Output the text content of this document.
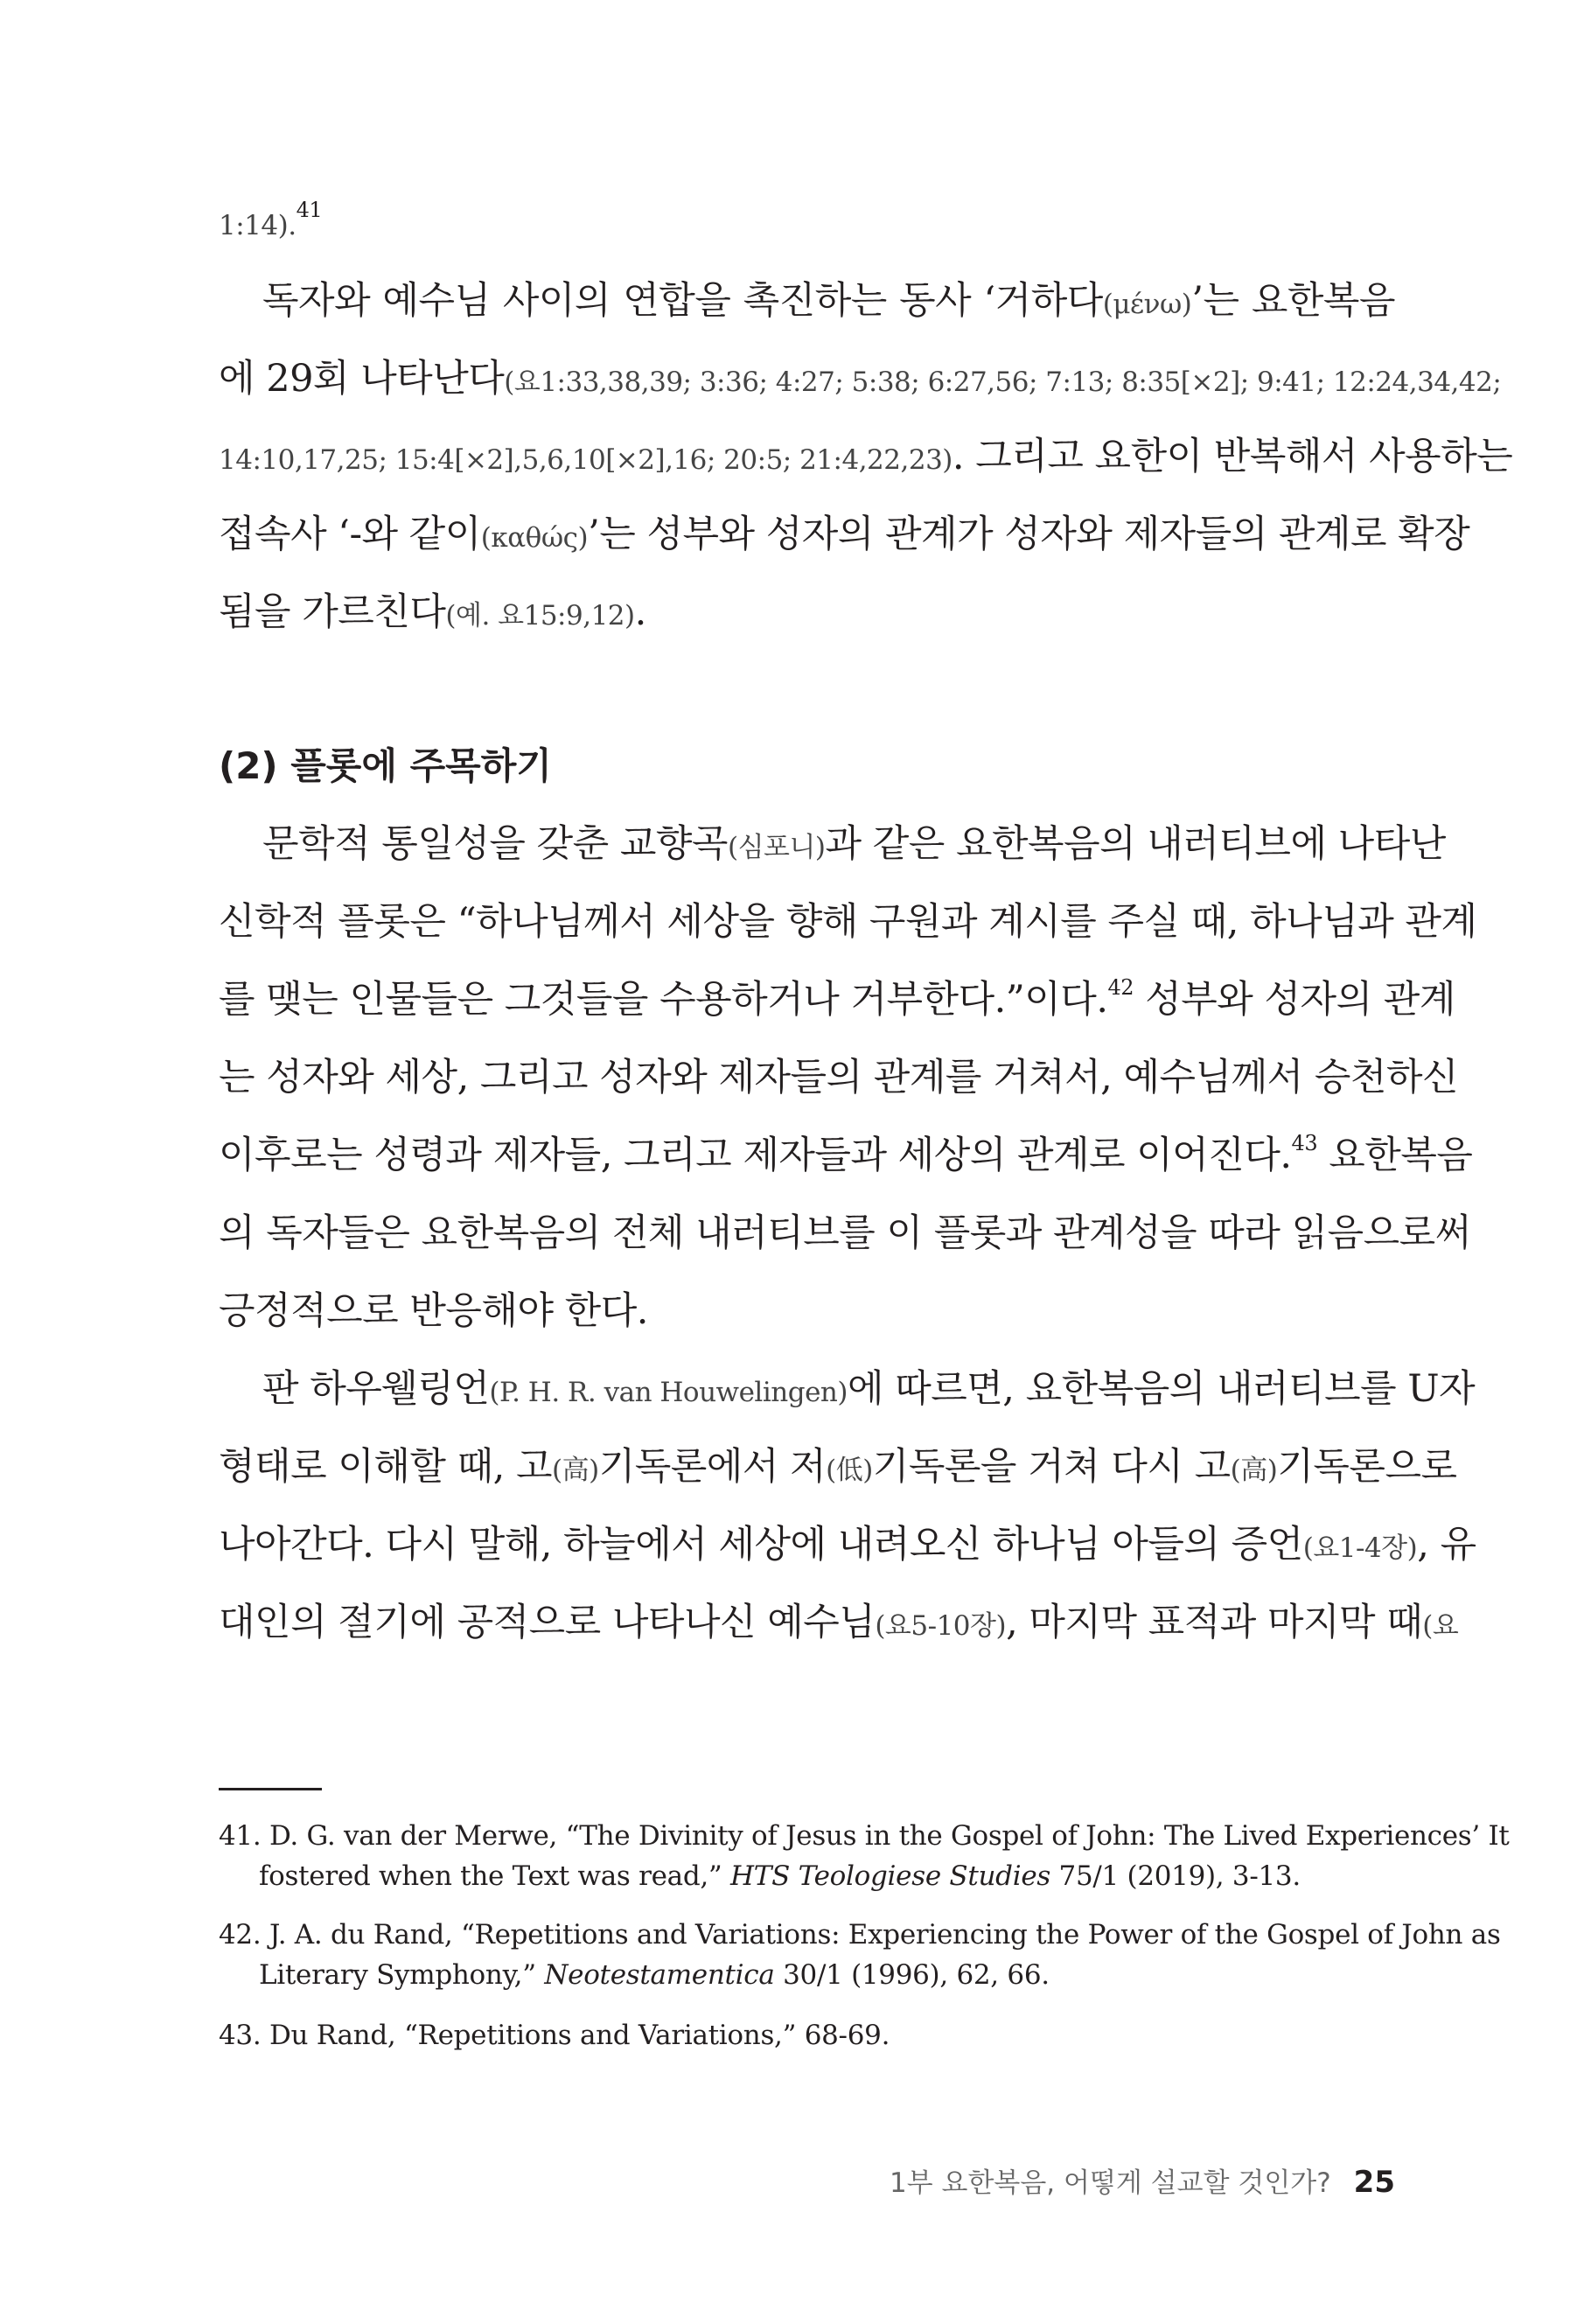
1:14).$^{41}$
독자와 예수님 사이의 연합을 촉진하는 동사 ‘거하다(μένω)’는 요한복음
에 29회 나타난다(요1:33,38,39; 3:36; 4:27; 5:38; 6:27,56; 7:13; 8:35[×2]; 9:41; 12:24,34,42;
14:10,17,25; 15:4[×2],5,6,10[×2],16; 20:5; 21:4,22,23). 그리고 요한이 반복해서 사용하는
접속사 ‘-와 같이(καθώς)’는 성부와 성자의 관계가 성자와 제자들의 관계로 확장
됨을 가르친다(예. 요15:9,12).
(2) 플롯에 주목하기
문학적 통일성을 갖춘 교향곡(심포니)과 같은 요한복음의 내러티브에 나타난
신학적 플롯은 “하나님께서 세상을 향해 구원과 계시를 주실 때, 하나님과 관계
를 맺는 인물들은 그것들을 수용하거나 거부한다.”이다.$^{42}$ 성부와 성자의 관계
는 성자와 세상, 그리고 성자와 제자들의 관계를 거쳐서, 예수님께서 승천하신
이후로는 성령과 제자들, 그리고 제자들과 세상의 관계로 이어진다.$^{43}$ 요한복음
의 독자들은 요한복음의 전체 내러티브를 이 플롯과 관계성을 따라 읽음으로써
긍정적으로 반응해야 한다.
판 하우웰링언(P. H. R. van Houwelingen)에 따르면, 요한복음의 내러티브를 U자
형태로 이해할 때, 고(高)기독론에서 저(低)기독론을 거쳐 다시 고(高)기독론으로
나아간다. 다시 말해, 하늘에서 세상에 내려오신 하나님 아들의 증언(요1-4장), 유
대인의 절기에 공적으로 나타나신 예수님(요5-10장), 마지막 표적과 마지막 때(요
41. D. G. van der Merwe, “The Divinity of Jesus in the Gospel of John: The Lived Experiences’ It
fostered when the Text was read,” HTS Teologiese Studies 75/1 (2019), 3-13.
42. J. A. du Rand, “Repetitions and Variations: Experiencing the Power of the Gospel of John as
Literary Symphony,” Neotestamentica 30/1 (1996), 62, 66.
43. Du Rand, “Repetitions and Variations,” 68-69.
1부 요한복음, 어떻게 설교할 것인가? 25
